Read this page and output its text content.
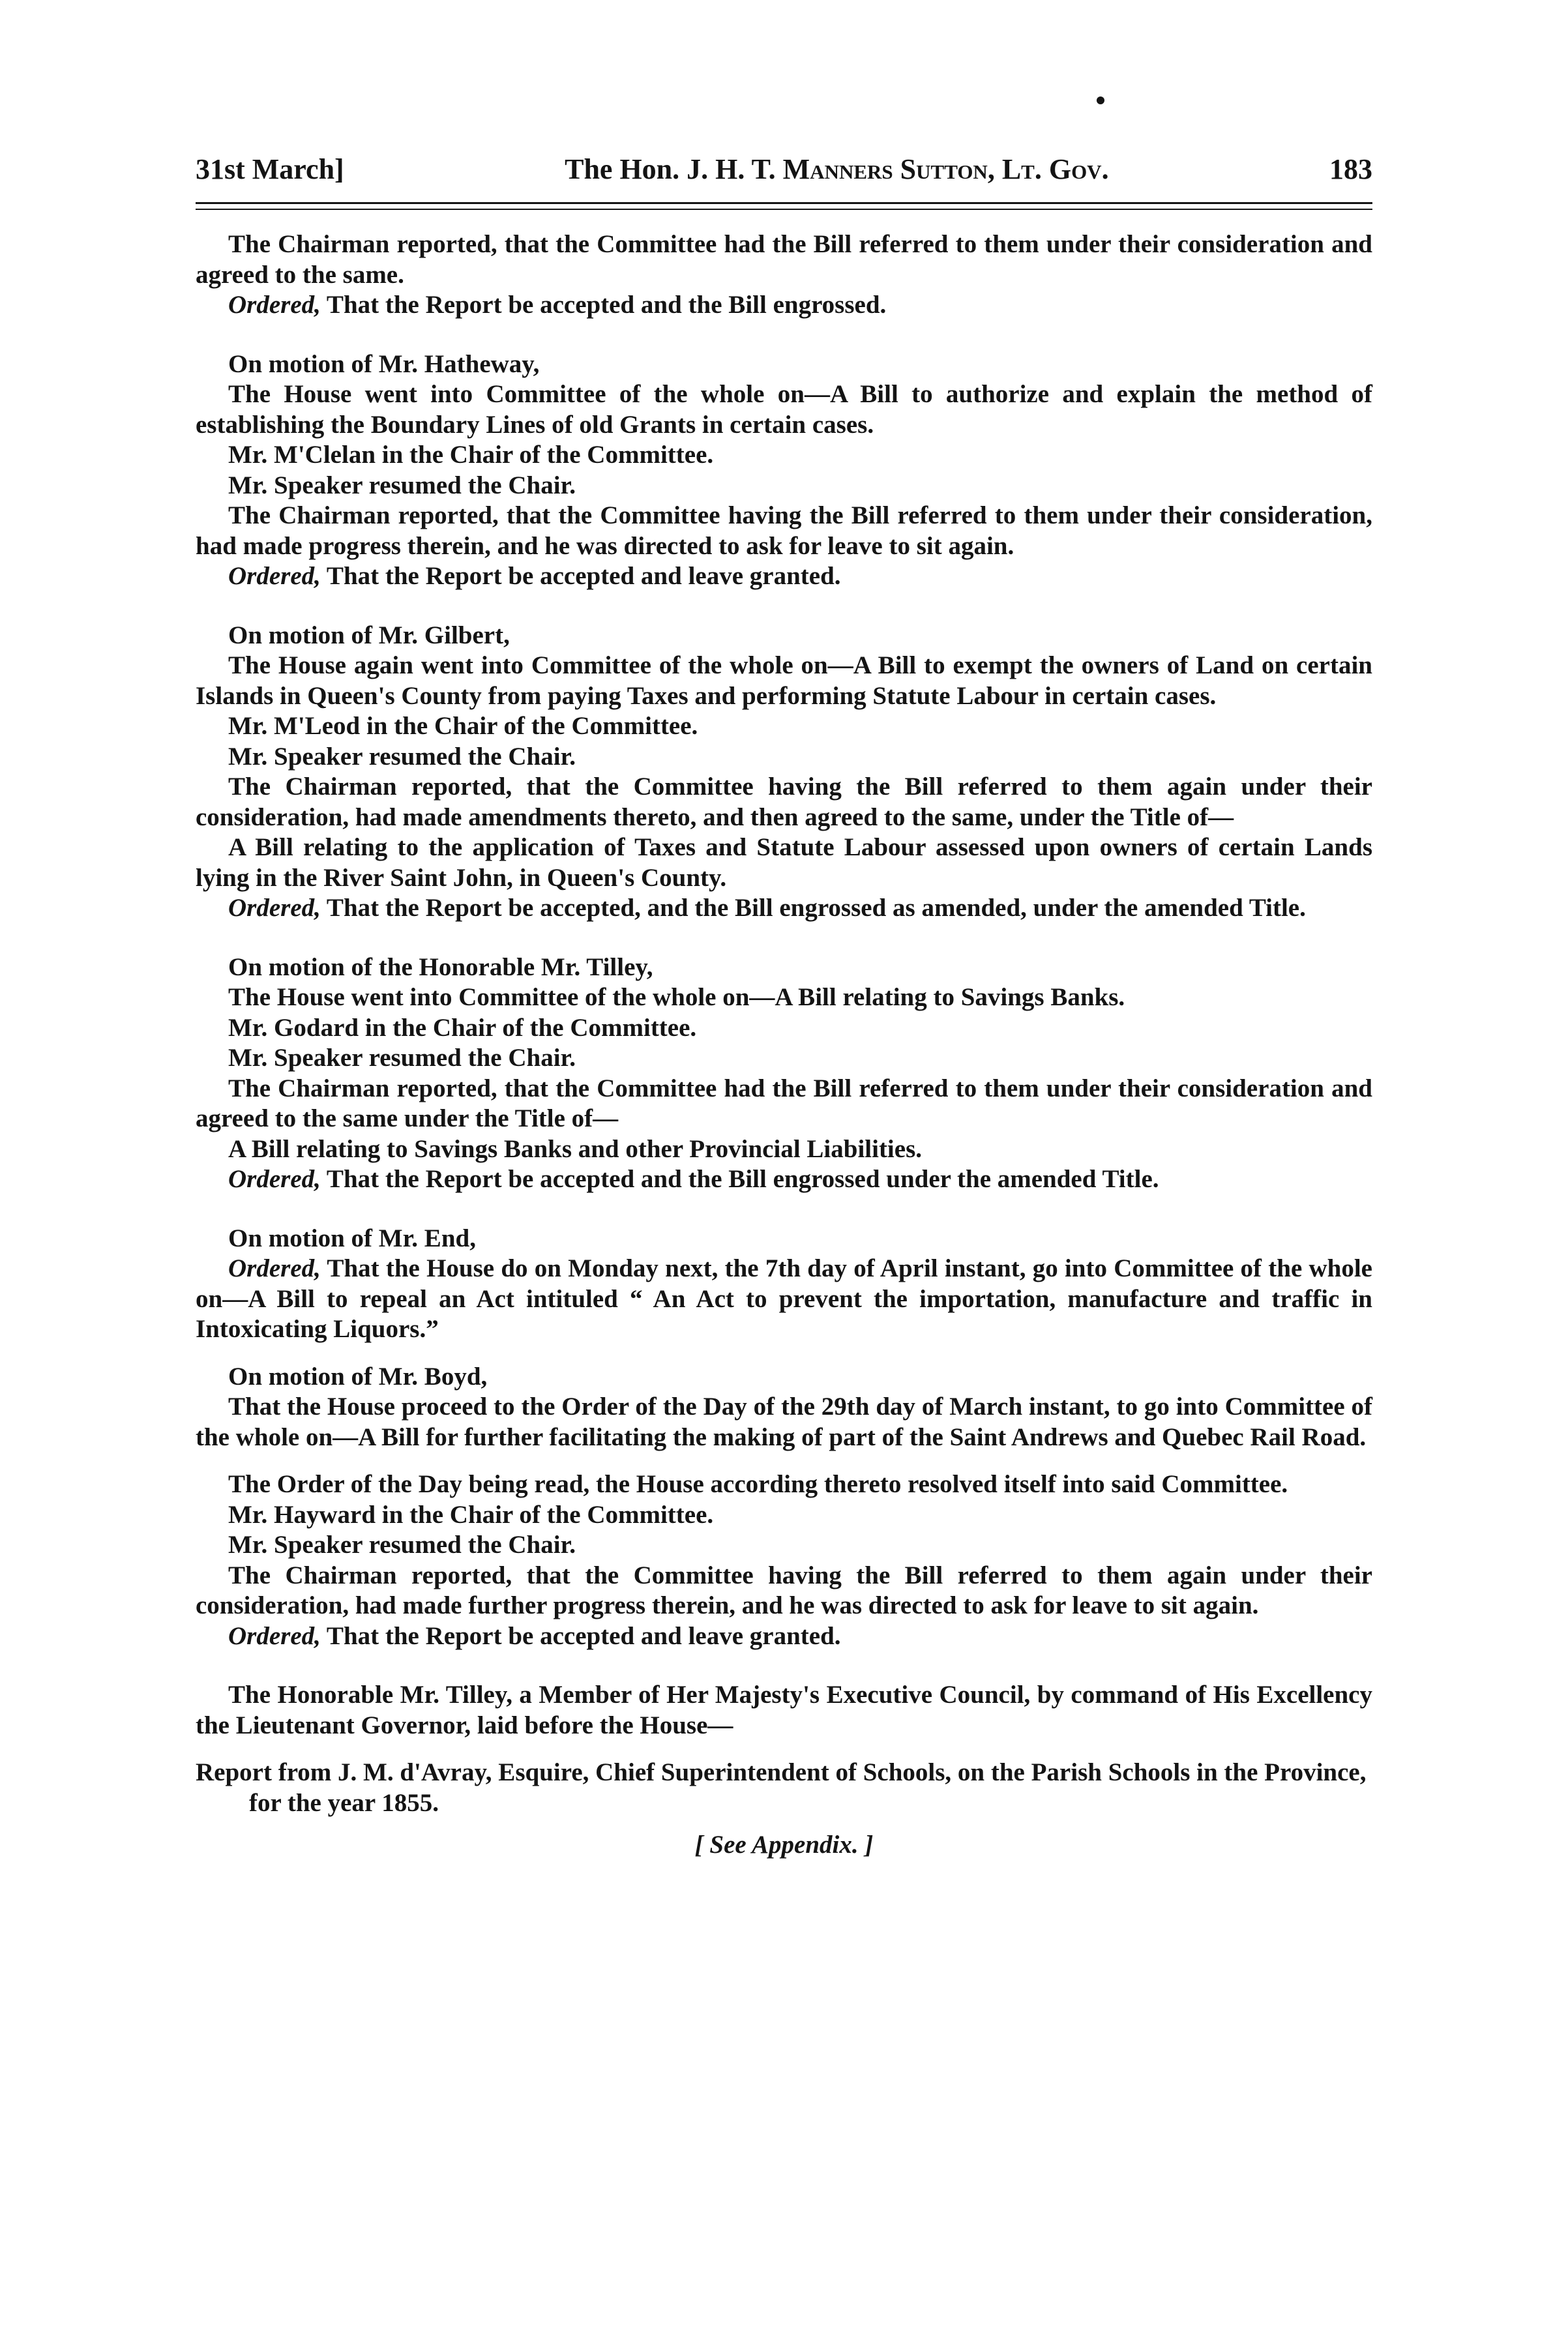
31st March]	The Hon. J. H. T. Manners Sutton, Lt. Gov.	183

The Chairman reported, that the Committee had the Bill referred to them under their consideration and agreed to the same.

Ordered, That the Report be accepted and the Bill engrossed.

On motion of Mr. Hatheway,

The House went into Committee of the whole on—A Bill to authorize and explain the method of establishing the Boundary Lines of old Grants in certain cases.

Mr. M'Clelan in the Chair of the Committee.

Mr. Speaker resumed the Chair.

The Chairman reported, that the Committee having the Bill referred to them under their consideration, had made progress therein, and he was directed to ask for leave to sit again.

Ordered, That the Report be accepted and leave granted.

On motion of Mr. Gilbert,

The House again went into Committee of the whole on—A Bill to exempt the owners of Land on certain Islands in Queen's County from paying Taxes and performing Statute Labour in certain cases.

Mr. M'Leod in the Chair of the Committee.

Mr. Speaker resumed the Chair.

The Chairman reported, that the Committee having the Bill referred to them again under their consideration, had made amendments thereto, and then agreed to the same, under the Title of—

A Bill relating to the application of Taxes and Statute Labour assessed upon owners of certain Lands lying in the River Saint John, in Queen's County.

Ordered, That the Report be accepted, and the Bill engrossed as amended, under the amended Title.

On motion of the Honorable Mr. Tilley,

The House went into Committee of the whole on—A Bill relating to Savings Banks.

Mr. Godard in the Chair of the Committee.

Mr. Speaker resumed the Chair.

The Chairman reported, that the Committee had the Bill referred to them under their consideration and agreed to the same under the Title of—

A Bill relating to Savings Banks and other Provincial Liabilities.

Ordered, That the Report be accepted and the Bill engrossed under the amended Title.

On motion of Mr. End,

Ordered, That the House do on Monday next, the 7th day of April instant, go into Committee of the whole on—A Bill to repeal an Act intituled “ An Act to prevent the importation, manufacture and traffic in Intoxicating Liquors.”

On motion of Mr. Boyd,

That the House proceed to the Order of the Day of the 29th day of March instant, to go into Committee of the whole on—A Bill for further facilitating the making of part of the Saint Andrews and Quebec Rail Road.

The Order of the Day being read, the House according thereto resolved itself into said Committee.

Mr. Hayward in the Chair of the Committee.

Mr. Speaker resumed the Chair.

The Chairman reported, that the Committee having the Bill referred to them again under their consideration, had made further progress therein, and he was directed to ask for leave to sit again.

Ordered, That the Report be accepted and leave granted.

The Honorable Mr. Tilley, a Member of Her Majesty's Executive Council, by command of His Excellency the Lieutenant Governor, laid before the House—

Report from J. M. d'Avray, Esquire, Chief Superintendent of Schools, on the Parish Schools in the Province, for the year 1855.

[ See Appendix. ]
